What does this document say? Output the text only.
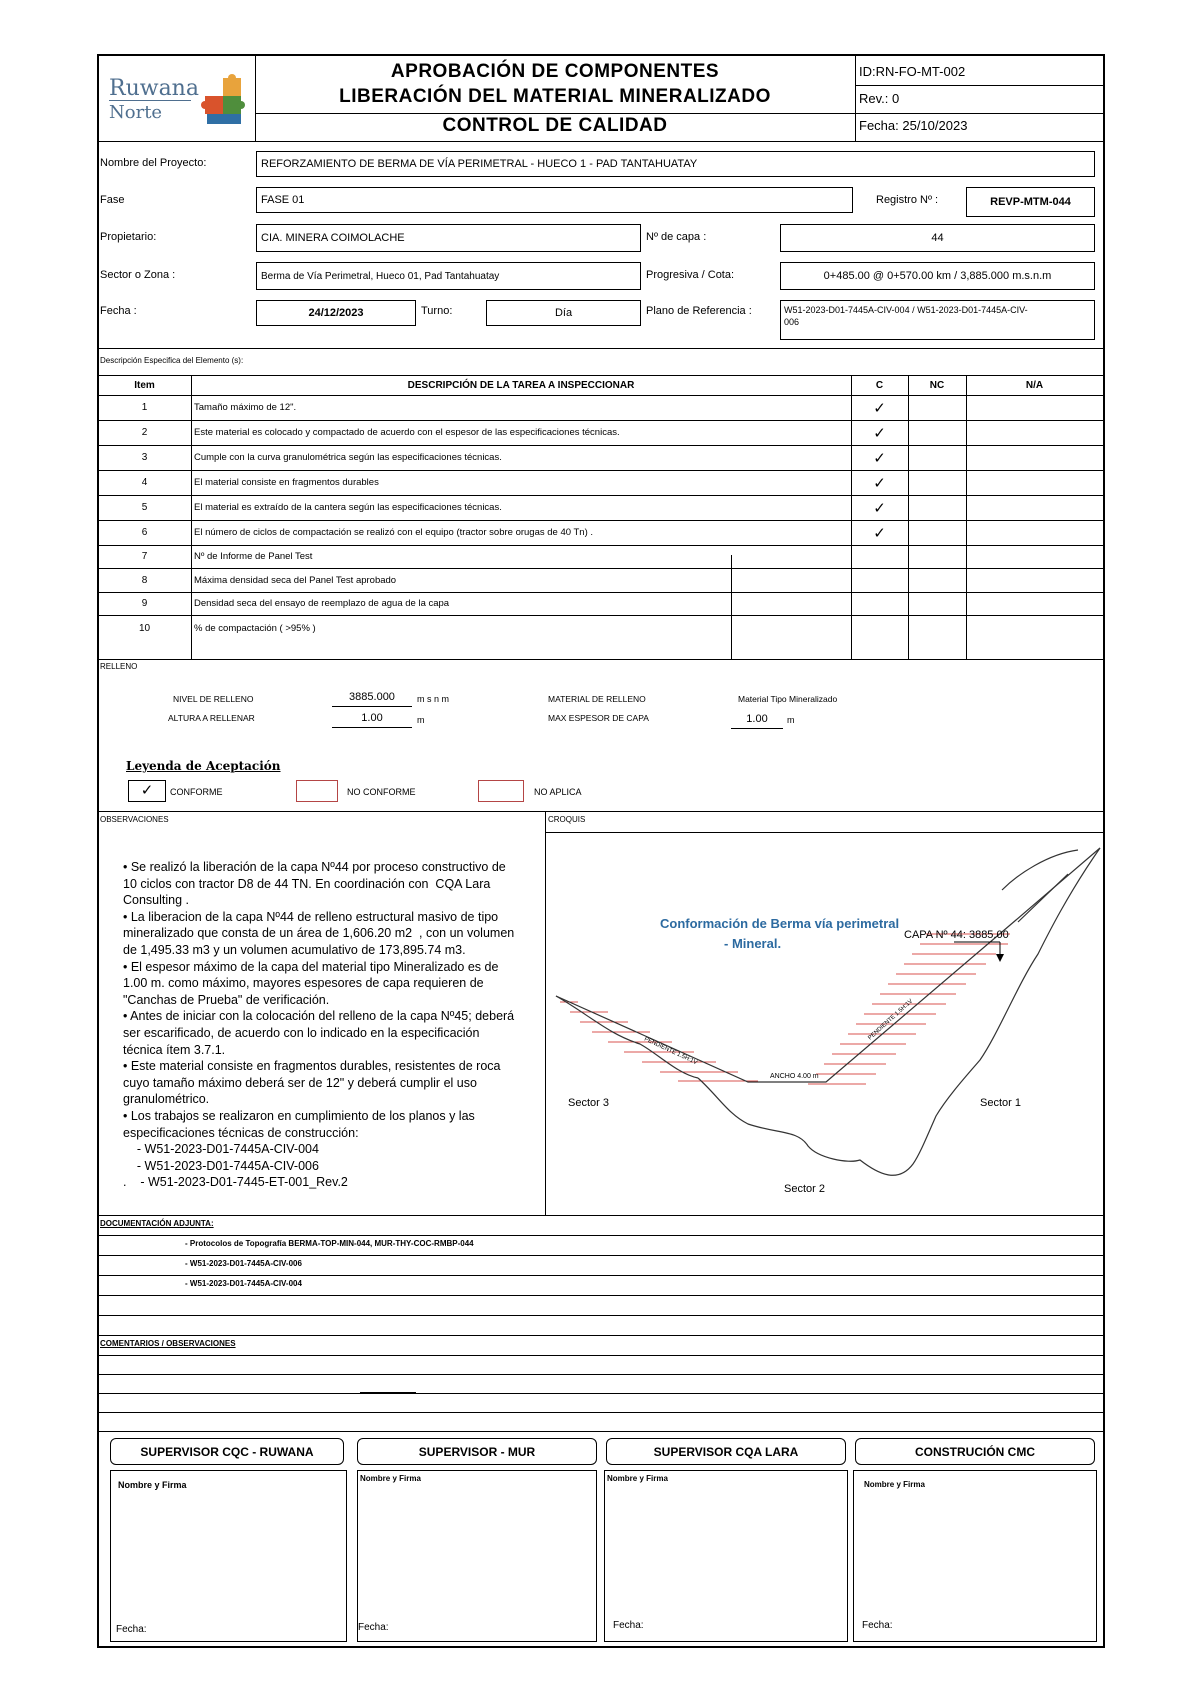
Ruwana
Norte
APROBACIÓN DE COMPONENTES
LIBERACIÓN DEL MATERIAL MINERALIZADO
CONTROL DE CALIDAD
ID:RN-FO-MT-002
Rev.: 0
Fecha: 25/10/2023
Nombre del Proyecto:	REFORZAMIENTO DE BERMA DE VÍA PERIMETRAL - HUECO 1 - PAD TANTAHUATAY
Fase	FASE 01	Registro Nº :	REVP-MTM-044
Propietario:	CIA. MINERA COIMOLACHE	Nº de capa :	44
Sector o Zona :	Berma de Vía Perimetral, Hueco 01, Pad Tantahuatay	Progresiva / Cota:	0+485.00 @ 0+570.00 km / 3,885.000 m.s.n.m
Fecha :	24/12/2023	Turno:	Día	Plano de Referencia :	W51-2023-D01-7445A-CIV-004 / W51-2023-D01-7445A-CIV-
006
Descripción Especifica del Elemento (s):
Item	DESCRIPCIÓN DE LA TAREA A INSPECCIONAR	C	NC	N/A
1	Tamaño máximo de 12".	✓
2	Este material es colocado y compactado de acuerdo con el espesor de las especificaciones técnicas.	✓
3	Cumple con la curva granulométrica según las especificaciones técnicas.	✓
4	El material consiste en fragmentos durables	✓
5	El material es extraído de la cantera según las especificaciones técnicas.	✓
6	El número de ciclos de compactación se realizó con el equipo (tractor sobre orugas de 40 Tn) .	✓
7	Nº de Informe de Panel Test
8	Máxima densidad seca del Panel Test aprobado
9	Densidad seca del ensayo de reemplazo de agua de la capa
10	% de compactación ( >95% )
RELLENO
NIVEL DE RELLENO	3885.000	m s n m
ALTURA A RELLENAR	1.00	m
MATERIAL DE RELLENO	Material Tipo Mineralizado
MAX ESPESOR DE CAPA	1.00	m
Leyenda de Aceptación
✓	CONFORME	NO CONFORME	NO APLICA
OBSERVACIONES	CROQUIS
• Se realizó la liberación de la capa Nº44 por proceso constructivo de
10 ciclos con tractor D8 de 44 TN. En coordinación con  CQA Lara
Consulting .
• La liberacion de la capa Nº44 de relleno estructural masivo de tipo
mineralizado que consta de un área de 1,606.20 m2  , con un volumen
de 1,495.33 m3 y un volumen acumulativo de 173,895.74 m3.
• El espesor máximo de la capa del material tipo Mineralizado es de
1.00 m. como máximo, mayores espesores de capa requieren de
"Canchas de Prueba" de verificación.
• Antes de iniciar con la colocación del relleno de la capa Nº45; deberá
ser escarificado, de acuerdo con lo indicado en la especificación
técnica ítem 3.7.1.
• Este material consiste en fragmentos durables, resistentes de roca
cuyo tamaño máximo deberá ser de 12" y deberá cumplir el uso
granulométrico.
• Los trabajos se realizaron en cumplimiento de los planos y las
especificaciones técnicas de construcción:
- W51-2023-D01-7445A-CIV-004
- W51-2023-D01-7445A-CIV-006
.    - W51-2023-D01-7445-ET-001_Rev.2
Conformación de Berma vía perimetral
- Mineral.
CAPA Nº 44: 3885.00
Sector 1
Sector 2
Sector 3
PENDIENTE 1.5H:1V
PENDIENTE 1.5H:1V
ANCHO 4.00 m
DOCUMENTACIÓN ADJUNTA:
- Protocolos de Topografía BERMA-TOP-MIN-044, MUR-THY-COC-RMBP-044
- W51-2023-D01-7445A-CIV-006
- W51-2023-D01-7445A-CIV-004
COMENTARIOS / OBSERVACIONES
SUPERVISOR CQC - RUWANA	SUPERVISOR - MUR	SUPERVISOR CQA LARA	CONSTRUCIÓN CMC
Nombre y Firma
Nombre y Firma	Nombre y Firma
Nombre y Firma
Fecha:	Fecha:	Fecha:	Fecha:
